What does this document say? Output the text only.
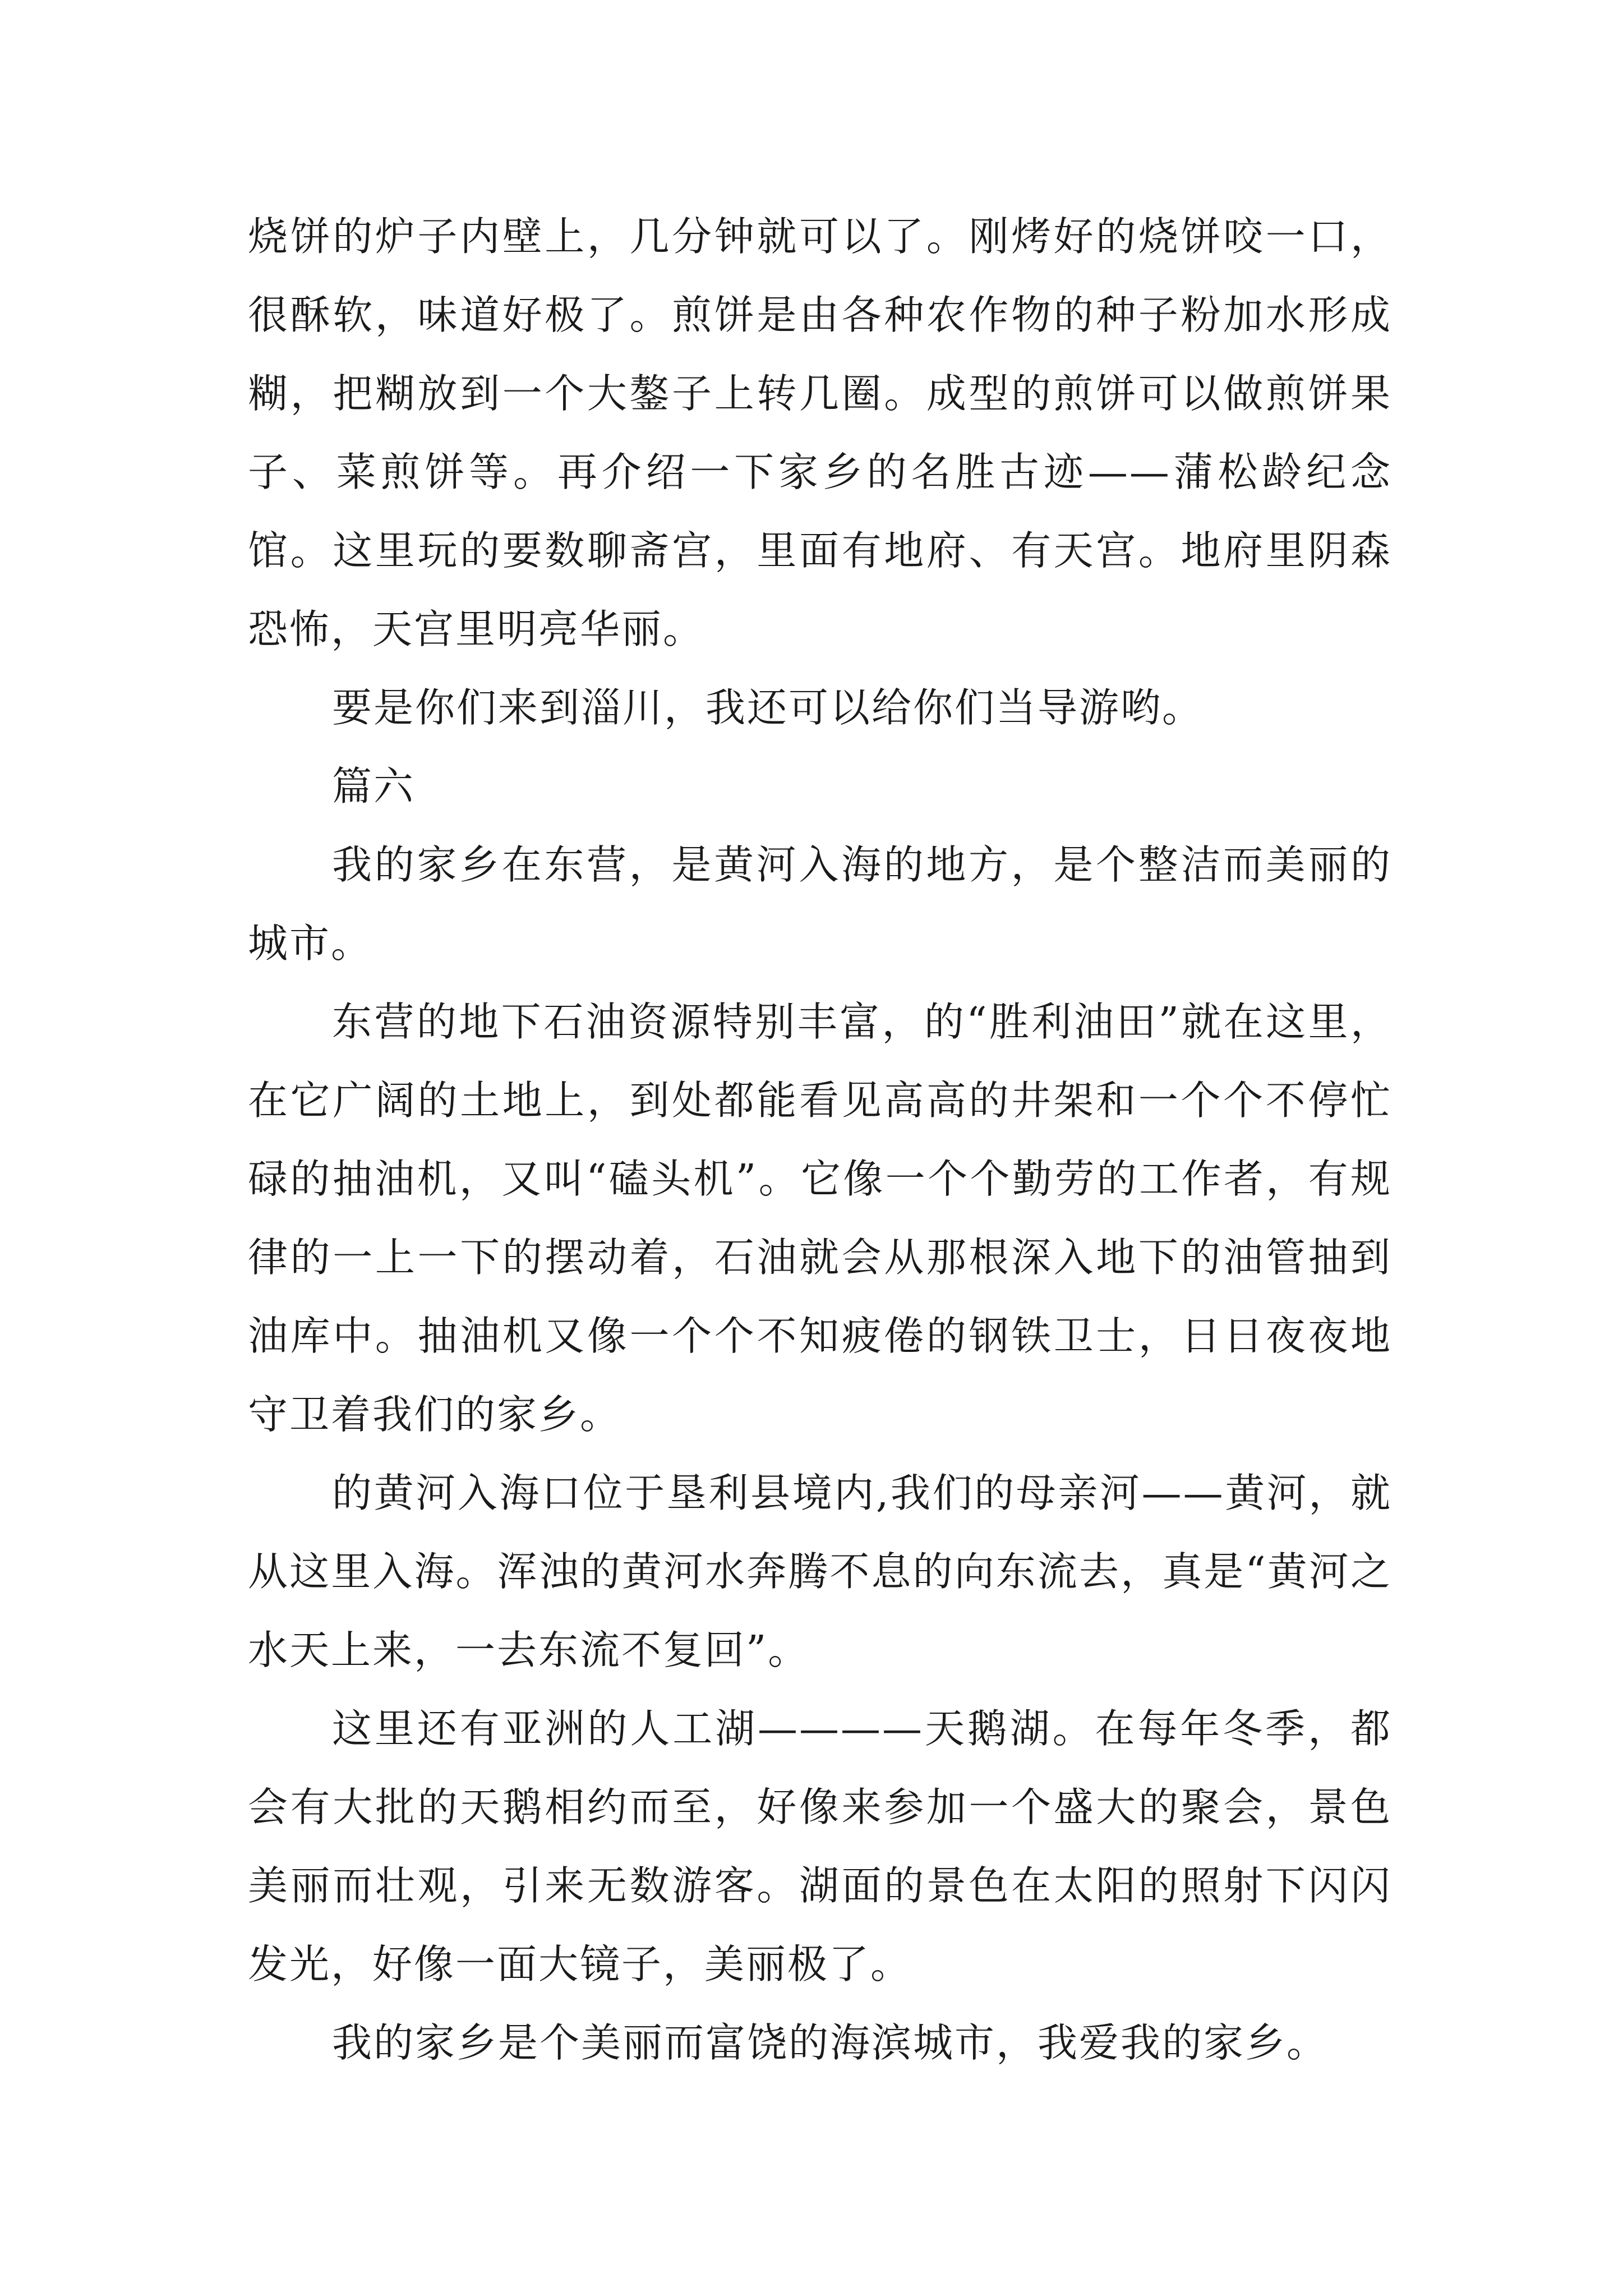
烧饼的炉子内壁上，几分钟就可以了。刚烤好的烧饼咬一口，很酥软，味道好极了。煎饼是由各种农作物的种子粉加水形成糊，把糊放到一个大鏊子上转几圈。成型的煎饼可以做煎饼果子、菜煎饼等。再介绍一下家乡的名胜古迹——蒲松龄纪念馆。这里玩的要数聊斋宫，里面有地府、有天宫。地府里阴森恐怖，天宫里明亮华丽。

要是你们来到淄川，我还可以给你们当导游哟。

篇六

我的家乡在东营，是黄河入海的地方，是个整洁而美丽的城市。

东营的地下石油资源特别丰富，的“胜利油田”就在这里，在它广阔的土地上，到处都能看见高高的井架和一个个不停忙碌的抽油机，又叫“磕头机”。它像一个个勤劳的工作者，有规律的一上一下的摆动着，石油就会从那根深入地下的油管抽到油库中。抽油机又像一个个不知疲倦的钢铁卫士，日日夜夜地守卫着我们的家乡。

的黄河入海口位于垦利县境内,我们的母亲河——黄河，就从这里入海。浑浊的黄河水奔腾不息的向东流去，真是“黄河之水天上来，一去东流不复回”。

这里还有亚洲的人工湖————天鹅湖。在每年冬季，都会有大批的天鹅相约而至，好像来参加一个盛大的聚会，景色美丽而壮观，引来无数游客。湖面的景色在太阳的照射下闪闪发光，好像一面大镜子，美丽极了。

我的家乡是个美丽而富饶的海滨城市，我爱我的家乡。
